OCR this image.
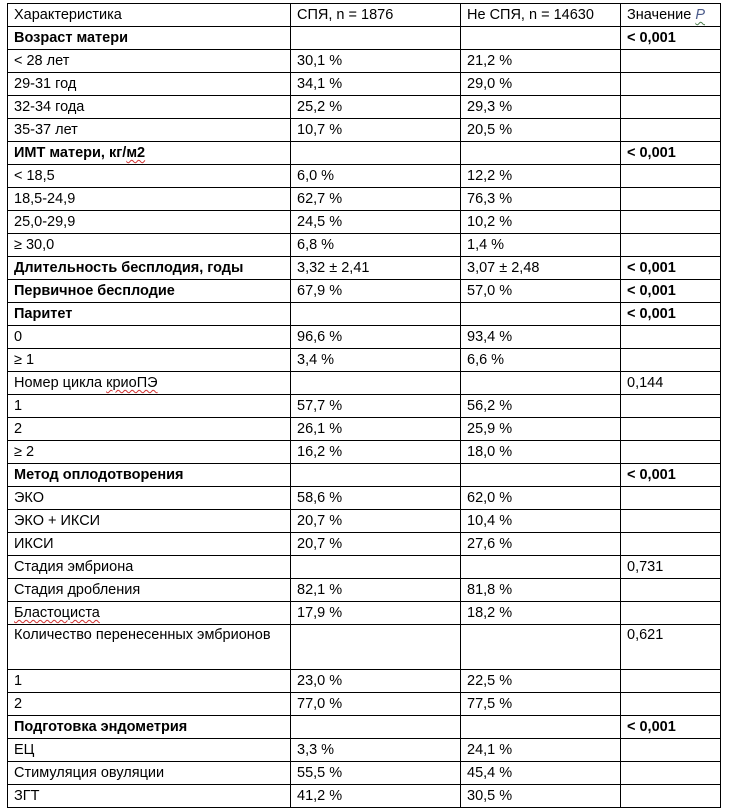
Характеристика	СПЯ, n = 1876	Не СПЯ, n = 14630	Значение P
Возраст матери			< 0,001
< 28 лет	30,1 %	21,2 %	
29-31 год	34,1 %	29,0 %	
32-34 года	25,2 %	29,3 %	
35-37 лет	10,7 %	20,5 %	
ИМТ матери, кг/м2			< 0,001
< 18,5	6,0 %	12,2 %	
18,5-24,9	62,7 %	76,3 %	
25,0-29,9	24,5 %	10,2 %	
≥ 30,0	6,8 %	1,4 %	
Длительность бесплодия, годы	3,32 ± 2,41	3,07 ± 2,48	< 0,001
Первичное бесплодие	67,9 %	57,0 %	< 0,001
Паритет			< 0,001
0	96,6 %	93,4 %	
≥ 1	3,4 %	6,6 %	
Номер цикла криоПЭ			0,144
1	57,7 %	56,2 %	
2	26,1 %	25,9 %	
≥ 2	16,2 %	18,0 %	
Метод оплодотворения			< 0,001
ЭКО	58,6 %	62,0 %	
ЭКО + ИКСИ	20,7 %	10,4 %	
ИКСИ	20,7 %	27,6 %	
Стадия эмбриона			0,731
Стадия дробления	82,1 %	81,8 %	
Бластоциста	17,9 %	18,2 %	
Количество перенесенных эмбрионов			0,621
1	23,0 %	22,5 %	
2	77,0 %	77,5 %	
Подготовка эндометрия			< 0,001
ЕЦ	3,3 %	24,1 %	
Стимуляция овуляции	55,5 %	45,4 %	
ЗГТ	41,2 %	30,5 %	
